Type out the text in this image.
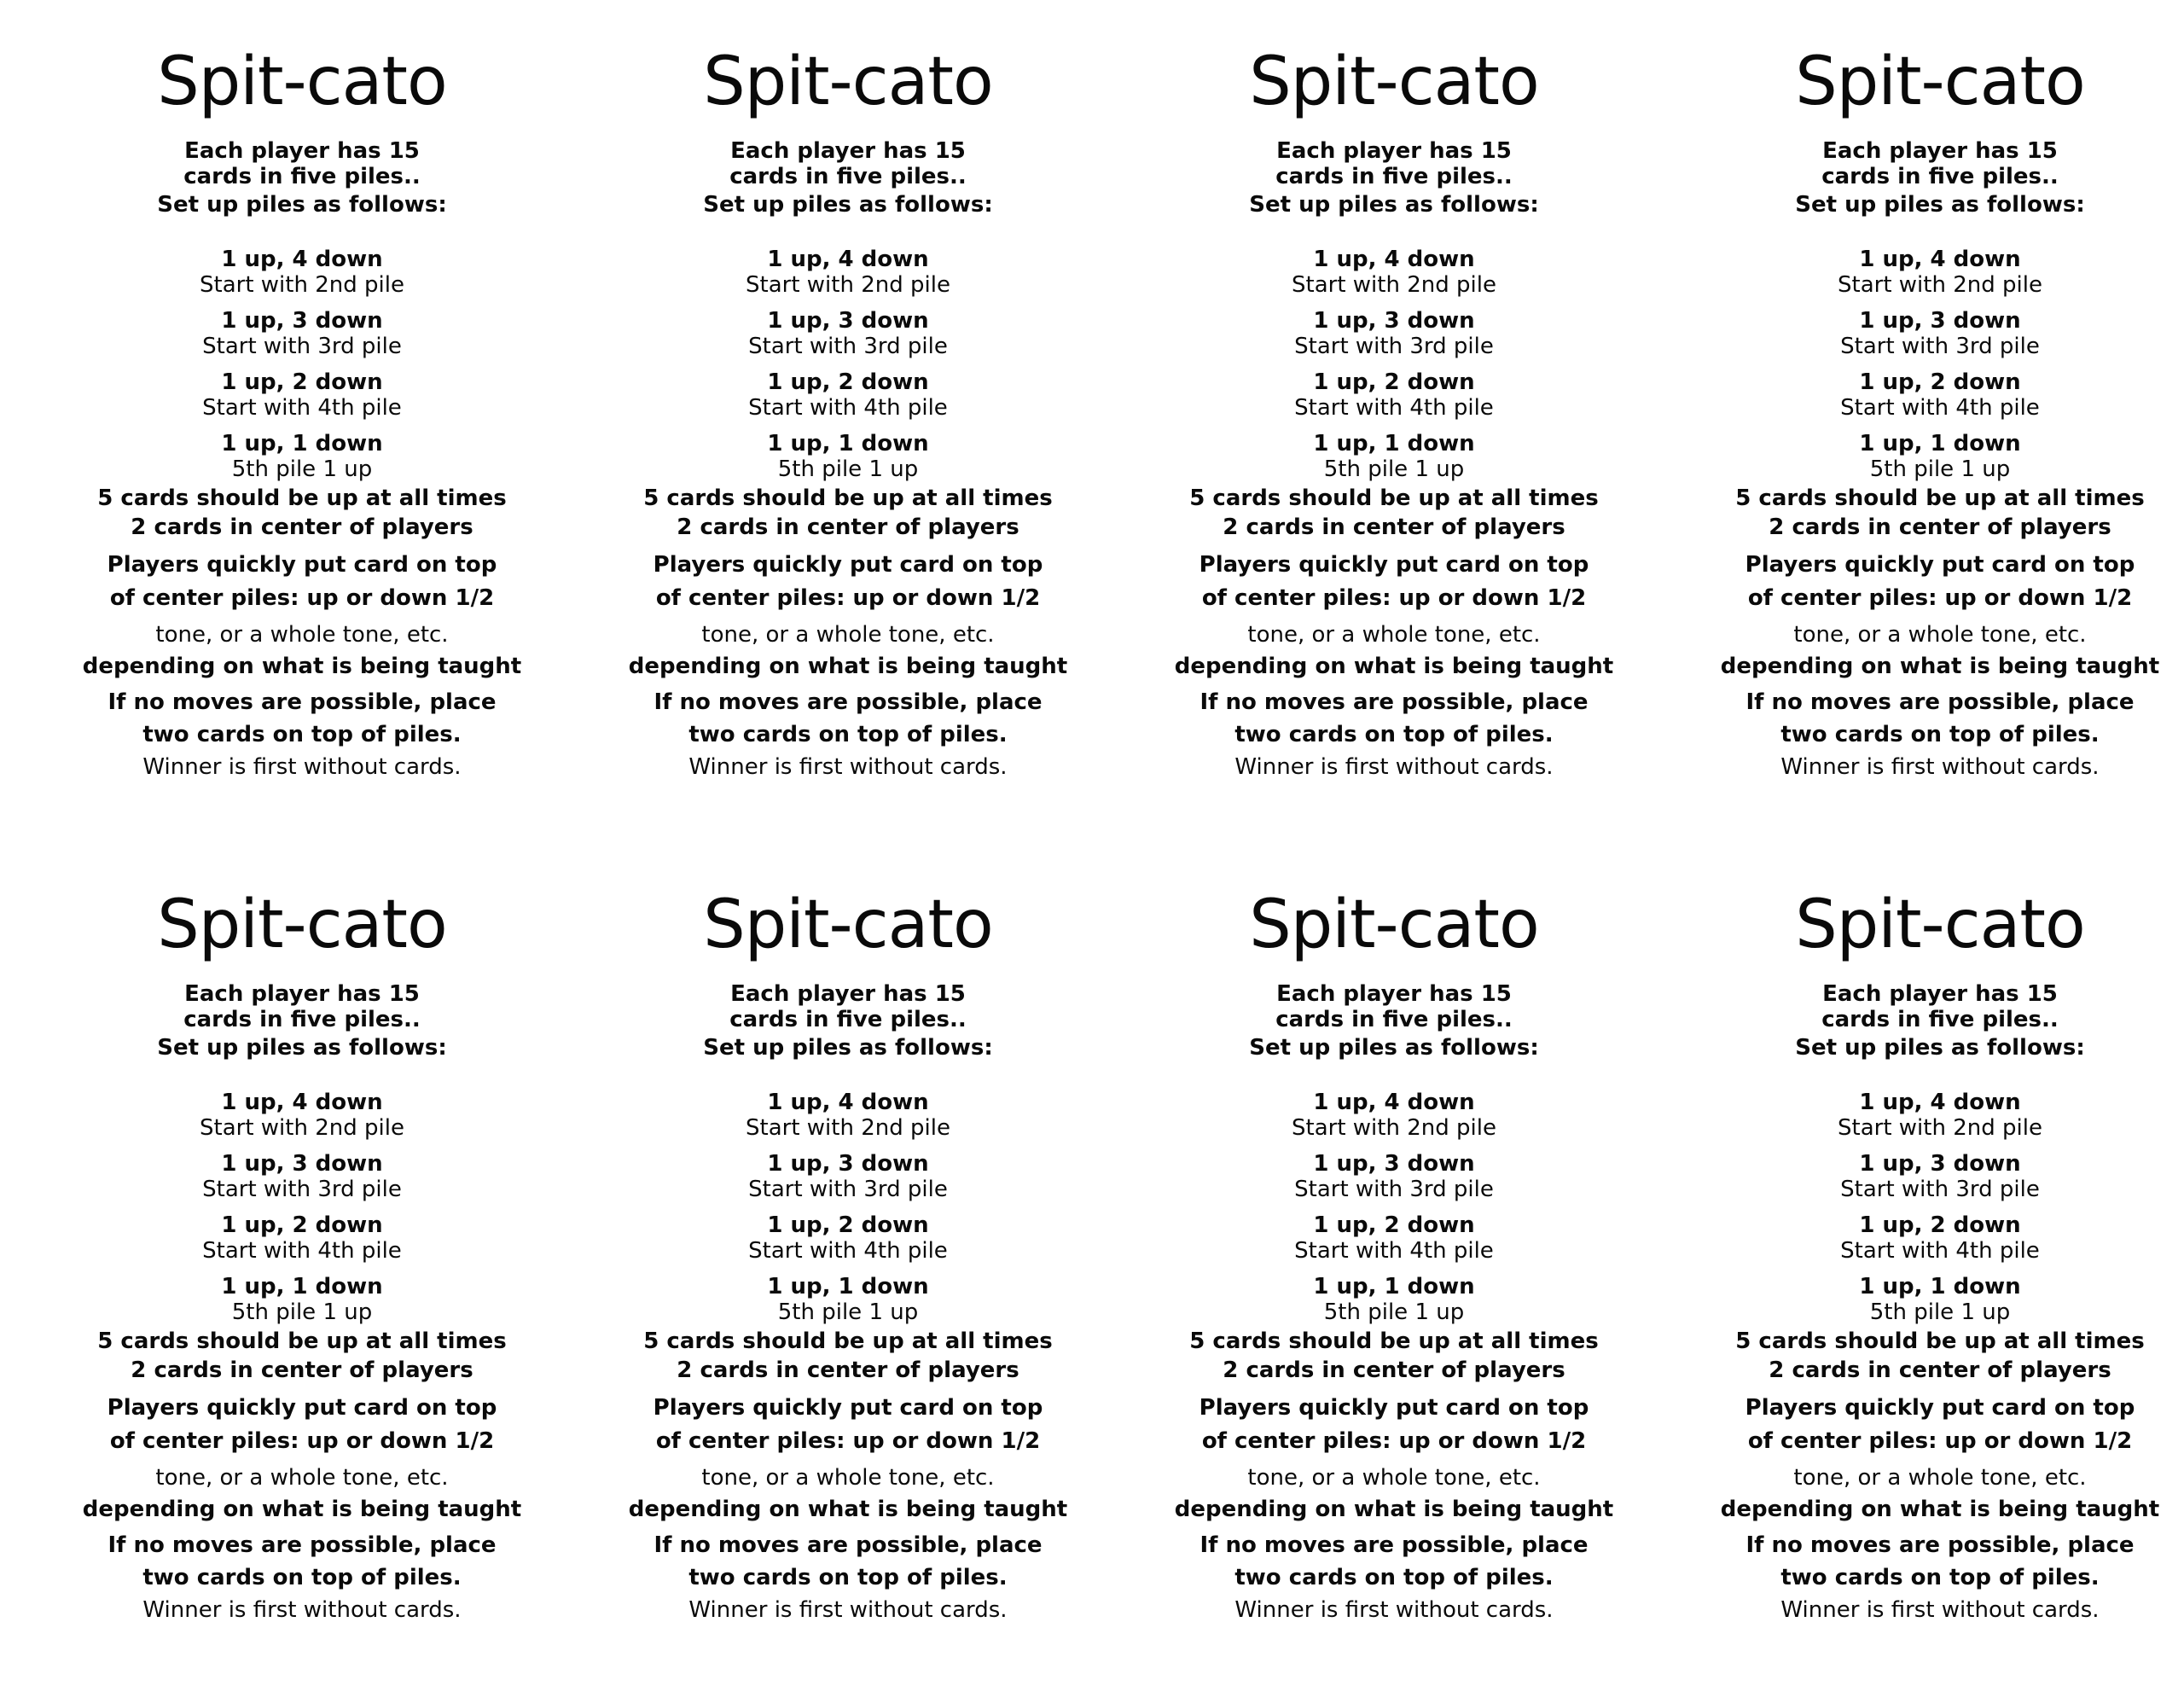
Spit-cato

Each player has 15

cards in five piles..

Set up piles as follows:

1 up, 4 down

Start with 2nd pile

1 up, 3 down

Start with 3rd pile

1 up, 2 down

Start with 4th pile

1 up, 1 down

5th pile 1 up

5 cards should be up at all times

2 cards in center of players

Players quickly put card on top

of center piles: up or down 1/2

tone, or a whole tone, etc.

depending on what is being taught

If no moves are possible, place

two cards on top of piles.

Winner is first without cards.

Spit-cato

Each player has 15

cards in five piles..

Set up piles as follows:

1 up, 4 down

Start with 2nd pile

1 up, 3 down

Start with 3rd pile

1 up, 2 down

Start with 4th pile

1 up, 1 down

5th pile 1 up

5 cards should be up at all times

2 cards in center of players

Players quickly put card on top

of center piles: up or down 1/2

tone, or a whole tone, etc.

depending on what is being taught

If no moves are possible, place

two cards on top of piles.

Winner is first without cards.

Spit-cato

Each player has 15

cards in five piles..

Set up piles as follows:

1 up, 4 down

Start with 2nd pile

1 up, 3 down

Start with 3rd pile

1 up, 2 down

Start with 4th pile

1 up, 1 down

5th pile 1 up

5 cards should be up at all times

2 cards in center of players

Players quickly put card on top

of center piles: up or down 1/2

tone, or a whole tone, etc.

depending on what is being taught

If no moves are possible, place

two cards on top of piles.

Winner is first without cards.

Spit-cato

Each player has 15

cards in five piles..

Set up piles as follows:

1 up, 4 down

Start with 2nd pile

1 up, 3 down

Start with 3rd pile

1 up, 2 down

Start with 4th pile

1 up, 1 down

5th pile 1 up

5 cards should be up at all times

2 cards in center of players

Players quickly put card on top

of center piles: up or down 1/2

tone, or a whole tone, etc.

depending on what is being taught

If no moves are possible, place

two cards on top of piles.

Winner is first without cards.

Spit-cato

Each player has 15

cards in five piles..

Set up piles as follows:

1 up, 4 down

Start with 2nd pile

1 up, 3 down

Start with 3rd pile

1 up, 2 down

Start with 4th pile

1 up, 1 down

5th pile 1 up

5 cards should be up at all times

2 cards in center of players

Players quickly put card on top

of center piles: up or down 1/2

tone, or a whole tone, etc.

depending on what is being taught

If no moves are possible, place

two cards on top of piles.

Winner is first without cards.

Spit-cato

Each player has 15

cards in five piles..

Set up piles as follows:

1 up, 4 down

Start with 2nd pile

1 up, 3 down

Start with 3rd pile

1 up, 2 down

Start with 4th pile

1 up, 1 down

5th pile 1 up

5 cards should be up at all times

2 cards in center of players

Players quickly put card on top

of center piles: up or down 1/2

tone, or a whole tone, etc.

depending on what is being taught

If no moves are possible, place

two cards on top of piles.

Winner is first without cards.

Spit-cato

Each player has 15

cards in five piles..

Set up piles as follows:

1 up, 4 down

Start with 2nd pile

1 up, 3 down

Start with 3rd pile

1 up, 2 down

Start with 4th pile

1 up, 1 down

5th pile 1 up

5 cards should be up at all times

2 cards in center of players

Players quickly put card on top

of center piles: up or down 1/2

tone, or a whole tone, etc.

depending on what is being taught

If no moves are possible, place

two cards on top of piles.

Winner is first without cards.

Spit-cato

Each player has 15

cards in five piles..

Set up piles as follows:

1 up, 4 down

Start with 2nd pile

1 up, 3 down

Start with 3rd pile

1 up, 2 down

Start with 4th pile

1 up, 1 down

5th pile 1 up

5 cards should be up at all times

2 cards in center of players

Players quickly put card on top

of center piles: up or down 1/2

tone, or a whole tone, etc.

depending on what is being taught

If no moves are possible, place

two cards on top of piles.

Winner is first without cards.
